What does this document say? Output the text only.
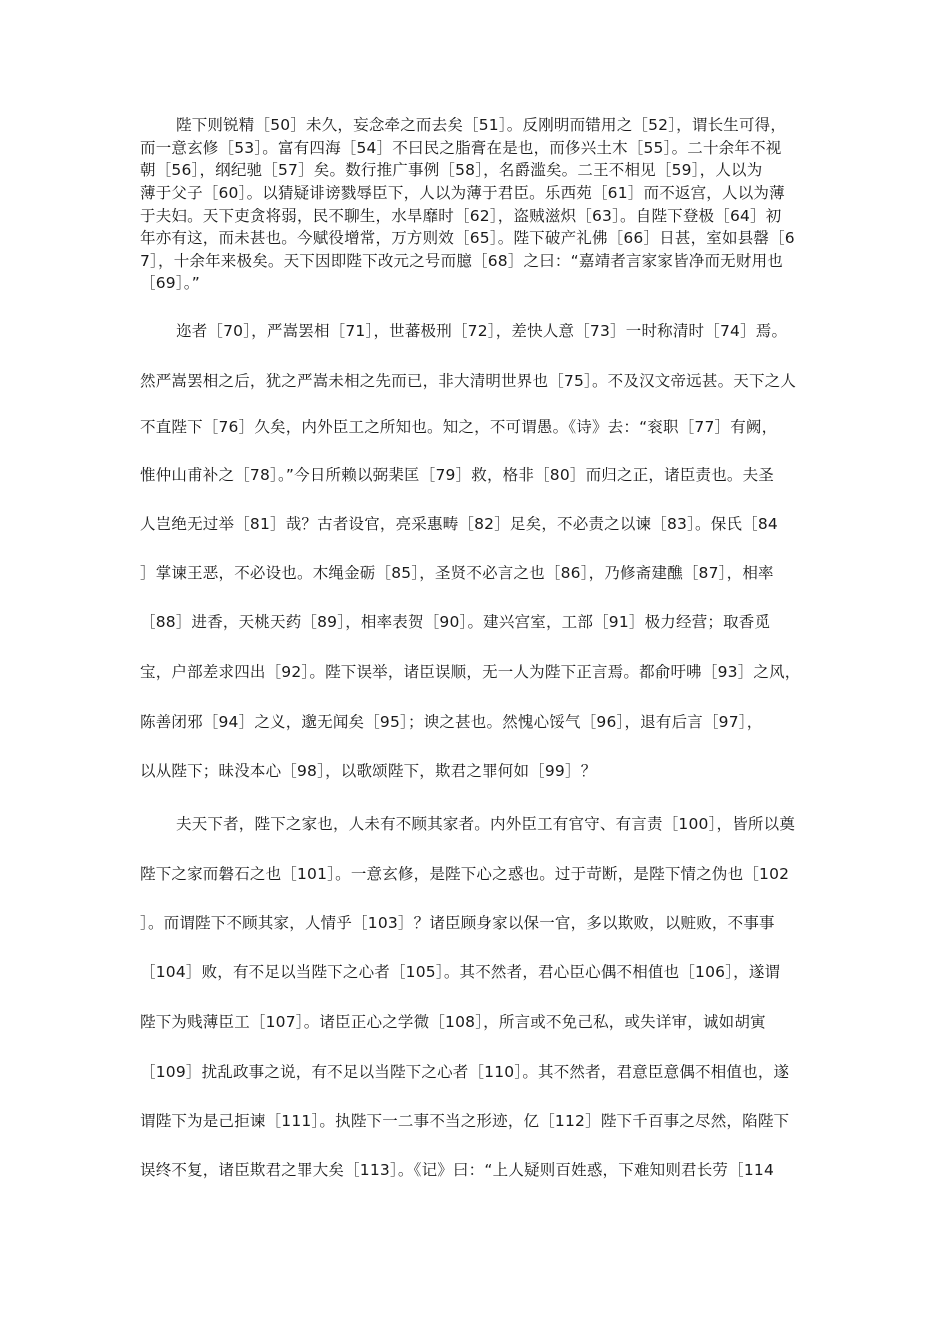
陛下则锐精［50］未久，妄念牵之而去矣［51］。反刚明而错用之［52］，谓长生可得，
而一意玄修［53］。富有四海［54］不曰民之脂膏在是也，而侈兴土木［55］。二十余年不视
朝［56］，纲纪驰［57］矣。数行推广事例［58］，名爵滥矣。二王不相见［59］，人以为
薄于父子［60］。以猜疑诽谤戮辱臣下，人以为薄于君臣。乐西苑［61］而不返宫，人以为薄
于夫妇。天下吏贪将弱，民不聊生，水旱靡时［62］，盗贼滋炽［63］。自陛下登极［64］初
年亦有这，而未甚也。今赋役增常，万方则效［65］。陛下破产礼佛［66］日甚，室如县罄［6
7］，十余年来极矣。天下因即陛下改元之号而臆［68］之曰：“嘉靖者言家家皆净而无财用也
［69］。”
迩者［70］，严嵩罢相［71］，世蕃极刑［72］，差快人意［73］一时称清时［74］焉。
然严嵩罢相之后，犹之严嵩未相之先而已，非大清明世界也［75］。不及汉文帝远甚。天下之人
不直陛下［76］久矣，内外臣工之所知也。知之，不可谓愚。《诗》去：“衮职［77］有阙，
惟仲山甫补之［78］。”今日所赖以弼棐匡［79］救，格非［80］而归之正，诸臣责也。夫圣
人岂绝无过举［81］哉？古者设官，亮采惠畴［82］足矣，不必责之以谏［83］。保氏［84
］掌谏王恶，不必设也。木绳金砺［85］，圣贤不必言之也［86］，乃修斋建醮［87］，相率
［88］进香，天桃天药［89］，相率表贺［90］。建兴宫室，工部［91］极力经营；取香觅
宝，户部差求四出［92］。陛下误举，诸臣误顺，无一人为陛下正言焉。都俞吁咈［93］之风，
陈善闭邪［94］之义，邈无闻矣［95］；谀之甚也。然愧心馁气［96］，退有后言［97］，
以从陛下；昧没本心［98］，以歌颂陛下，欺君之罪何如［99］？
夫天下者，陛下之家也，人未有不顾其家者。内外臣工有官守、有言责［100］，皆所以奠
陛下之家而磐石之也［101］。一意玄修，是陛下心之惑也。过于苛断，是陛下情之伪也［102
］。而谓陛下不顾其家，人情乎［103］？诸臣顾身家以保一官，多以欺败，以赃败，不事事
［104］败，有不足以当陛下之心者［105］。其不然者，君心臣心偶不相值也［106］，遂谓
陛下为贱薄臣工［107］。诸臣正心之学微［108］，所言或不免己私，或失详审，诚如胡寅
［109］扰乱政事之说，有不足以当陛下之心者［110］。其不然者，君意臣意偶不相值也，遂
谓陛下为是己拒谏［111］。执陛下一二事不当之形迹，亿［112］陛下千百事之尽然，陷陛下
误终不复，诸臣欺君之罪大矣［113］。《记》曰：“上人疑则百姓惑，下难知则君长劳［114
